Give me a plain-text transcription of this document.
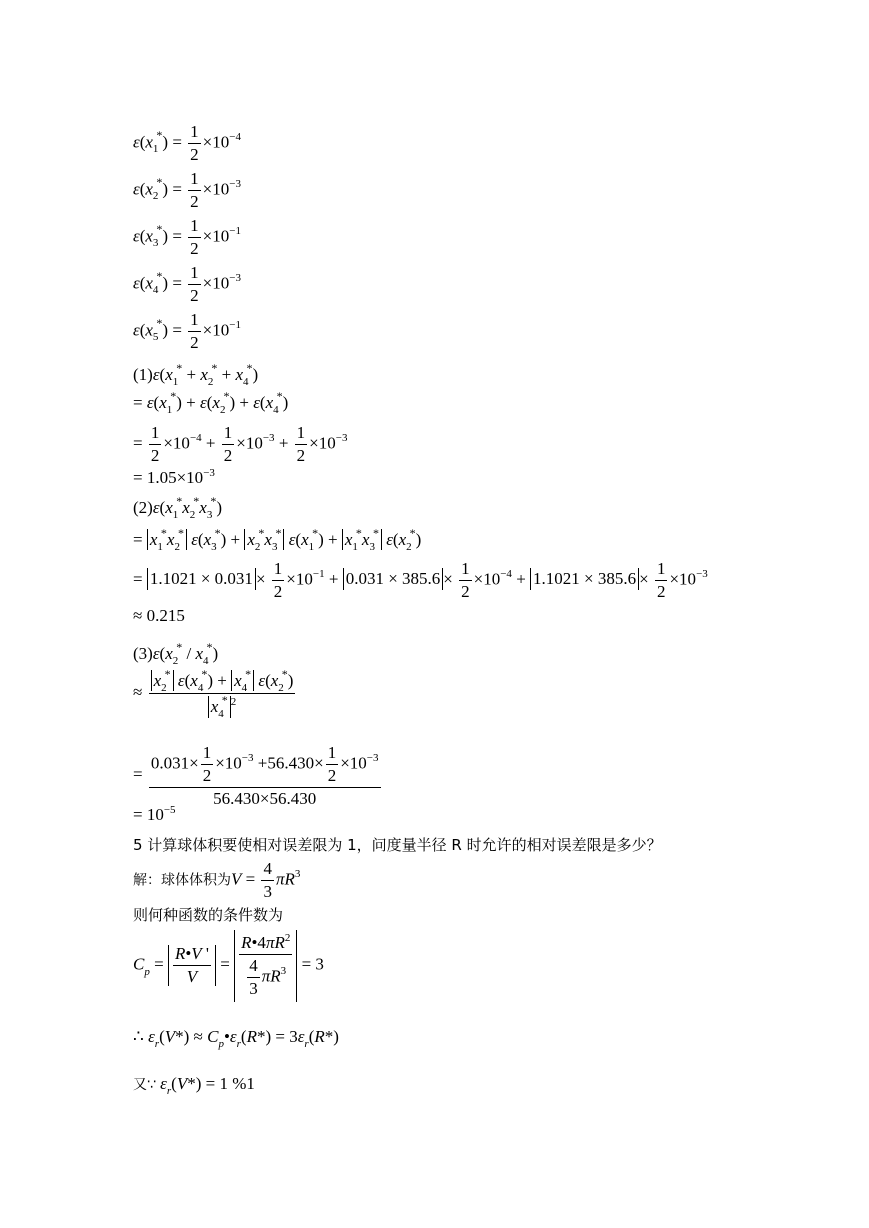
$\varepsilon(x_1^*) = \frac{1}{2} \times 10^{-4}$
$\varepsilon(x_2^*) = \frac{1}{2} \times 10^{-3}$
$\varepsilon(x_3^*) = \frac{1}{2} \times 10^{-1}$
$\varepsilon(x_4^*) = \frac{1}{2} \times 10^{-3}$
$\varepsilon(x_5^*) = \frac{1}{2} \times 10^{-1}$
$(1)\varepsilon(x_1^* + x_2^* + x_4^*)$
= $\varepsilon(x_1^*) + \varepsilon(x_2^*) + \varepsilon(x_4^*)$
= $\frac{1}{2} \times 10^{-4} + \frac{1}{2} \times 10^{-3} + \frac{1}{2} \times 10^{-3}$
= $1.05\times 10^{-3}$
$(2)\varepsilon(x_1^*x_2^*x_3^*)$
= $x_1^*x_2^*$ $\varepsilon(x_3^*) + x_2^*x_3^*$ $\varepsilon(x_1^*) + x_1^*x_3^*$ $\varepsilon(x_2^*)$
= $1.1021 \times 0.031 \times \frac{1}{2} \times 10^{-1} + 0.031 \times 385.6 \times \frac{1}{2} \times 10^{-4} + 1.1021 \times 385.6 \times \frac{1}{2} \times 10^{-3}$
≈ 0.215
$(3)\varepsilon(x_2^* / x_4^*)$
≈ $\frac{x_2^* \varepsilon(x_4^*) + x_4^* \varepsilon(x_2^*)}{x_4^* ^2}$
= $\frac{0.031\times \frac{1}{2} \times 10^{-3} +56.430\times \frac{1}{2} \times 10^{-3}}{56.430\times 56.430}$
= $10^{-5}$
5 计算球体积要使相对误差限为 1，问度量半径 R 时允许的相对误差限是多少？
解：球体体积为$V = \frac{4}{3} \pi R^3$
则何种函数的条件数为
$C_p = \frac{R•V '}{V} = \frac{R•4\pi R^2}{\frac{4}{3} \pi R^3} = 3$
∴ $\varepsilon_r(V*)$ ≈ $C_p•\varepsilon_r(R*) = 3\varepsilon_r(R*)$
又∵ $\varepsilon_r(V*) = 1$ %1
